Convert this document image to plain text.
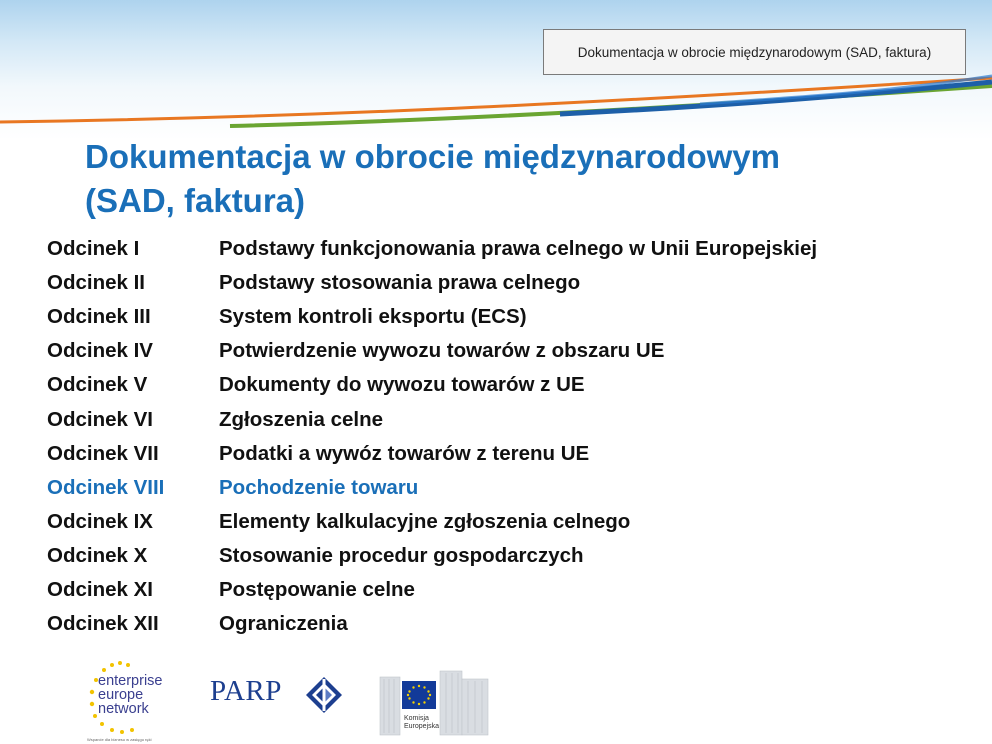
Dokumentacja w obrocie międzynarodowym (SAD, faktura)
Dokumentacja w obrocie międzynarodowym
(SAD, faktura)
Odcinek I	Podstawy funkcjonowania prawa celnego w Unii Europejskiej
Odcinek II	Podstawy stosowania prawa celnego
Odcinek III	System kontroli eksportu (ECS)
Odcinek IV	Potwierdzenie wywozu towarów z obszaru UE
Odcinek V	Dokumenty do wywozu towarów z UE
Odcinek VI	Zgłoszenia celne
Odcinek VII	Podatki a wywóz towarów z terenu UE
Odcinek VIII	Pochodzenie towaru
Odcinek IX	Elementy kalkulacyjne zgłoszenia celnego
Odcinek X	Stosowanie procedur gospodarczych
Odcinek XI	Postępowanie celne
Odcinek XII	Ograniczenia
enterprise
europe
network
Wsparcie dla biznesu w zasięgu ręki
PARP
Komisja
Europejska
